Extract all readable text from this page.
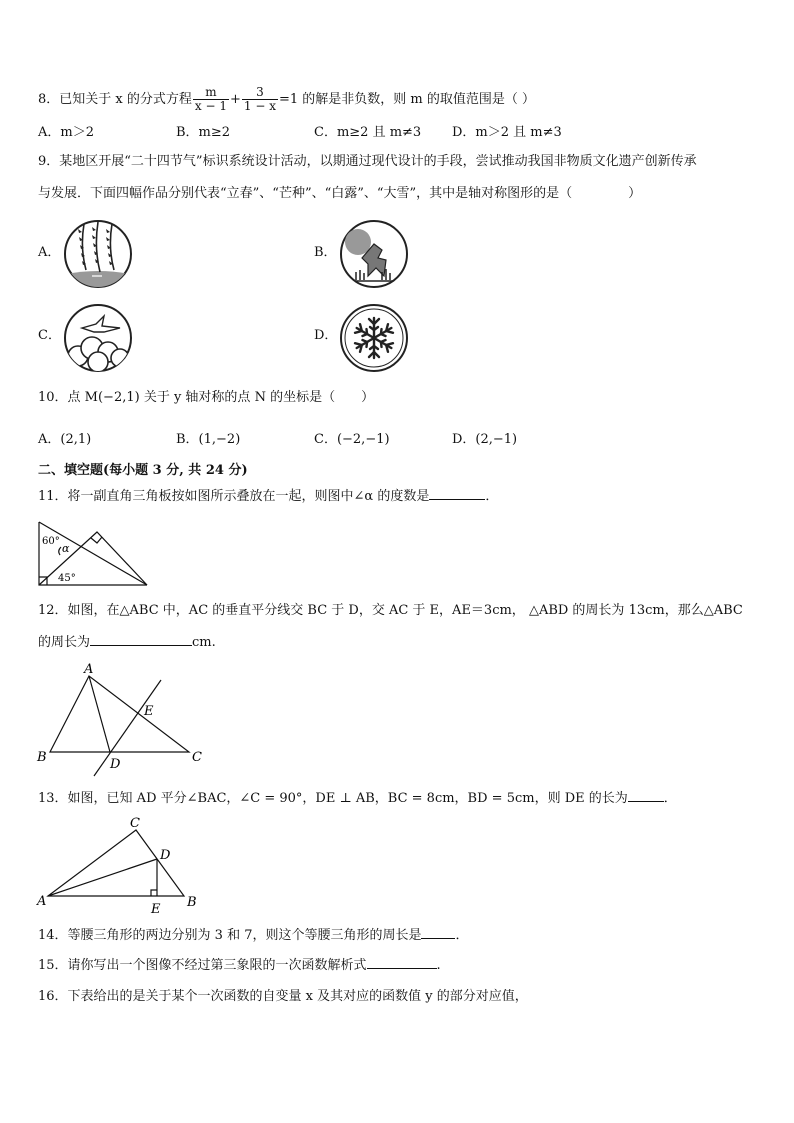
8．已知关于 x 的分式方程 $\frac{m}{x - 1} + \frac{3}{1 - x} =1$ 的解是非负数，则 m 的取值范围是（ ）
A．m＞2	B．m≥2	C．m≥2 且 m≠3 D．m＞2 且 m≠3
9．某地区开展“二十四节气”标识系统设计活动，以期通过现代设计的手段，尝试推动我国非物质文化遗产创新传承
与发展．下面四幅作品分别代表“立春”、“芒种”、“白露”、“大雪”，其中是轴对称图形的是（	）
A．	B．
C．	D．
10．点 M(−2,1) 关于 y 轴对称的点 N 的坐标是（　　）
A．(2,1)	B．(1,−2)	C．(−2,−1)	D．(2,−1)
二、填空题(每小题 3 分, 共 24 分)
11．将一副直角三角板按如图所示叠放在一起，则图中∠α 的度数是	．
60°
α
45°
12．如图，在△ABC 中，AC 的垂直平分线交 BC 于 D，交 AC 于 E，AE＝3cm， △ABD 的周长为 13cm，那么△ABC
的周长为	cm.
A
E
B	D	C
13．如图，已知 AD 平分∠BAC，∠C = 90°，DE ⊥ AB，BC = 8cm，BD = 5cm，则 DE 的长为	．
C
D
A
E B
14．等腰三角形的两边分别为 3 和 7，则这个等腰三角形的周长是	．
15．请你写出一个图像不经过第三象限的一次函数解析式	.
16．下表给出的是关于某个一次函数的自变量 x 及其对应的函数值 y 的部分对应值，
